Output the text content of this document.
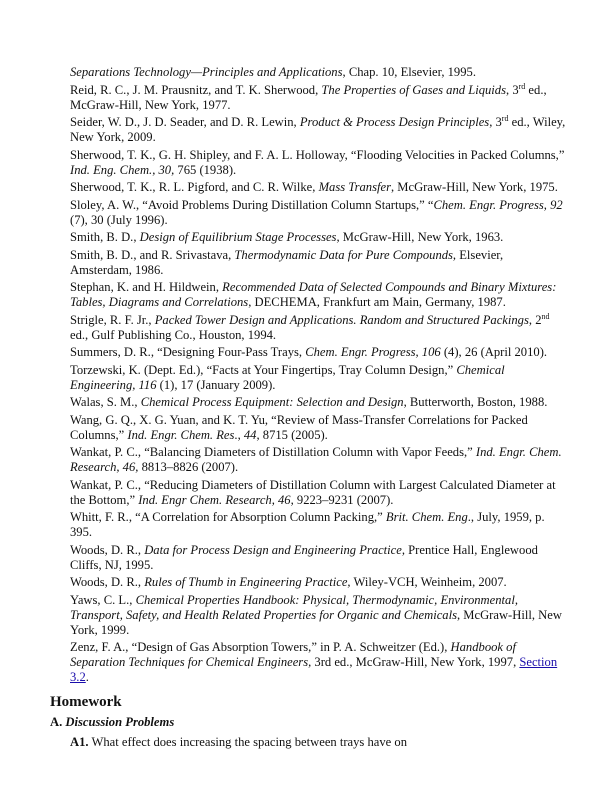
Separations Technology—Principles and Applications, Chap. 10, Elsevier, 1995.

Reid, R. C., J. M. Prausnitz, and T. K. Sherwood, The Properties of Gases and Liquids, 3rd ed., McGraw-Hill, New York, 1977.

Seider, W. D., J. D. Seader, and D. R. Lewin, Product & Process Design Principles, 3rd ed., Wiley, New York, 2009.

Sherwood, T. K., G. H. Shipley, and F. A. L. Holloway, “Flooding Velocities in Packed Columns,” Ind. Eng. Chem., 30, 765 (1938).

Sherwood, T. K., R. L. Pigford, and C. R. Wilke, Mass Transfer, McGraw-Hill, New York, 1975.

Sloley, A. W., “Avoid Problems During Distillation Column Startups,” “Chem. Engr. Progress, 92 (7), 30 (July 1996).

Smith, B. D., Design of Equilibrium Stage Processes, McGraw-Hill, New York, 1963.

Smith, B. D., and R. Srivastava, Thermodynamic Data for Pure Compounds, Elsevier, Amsterdam, 1986.

Stephan, K. and H. Hildwein, Recommended Data of Selected Compounds and Binary Mixtures: Tables, Diagrams and Correlations, DECHEMA, Frankfurt am Main, Germany, 1987.

Strigle, R. F. Jr., Packed Tower Design and Applications. Random and Structured Packings, 2nd ed., Gulf Publishing Co., Houston, 1994.

Summers, D. R., “Designing Four-Pass Trays, Chem. Engr. Progress, 106 (4), 26 (April 2010).

Torzewski, K. (Dept. Ed.), “Facts at Your Fingertips, Tray Column Design,” Chemical Engineering, 116 (1), 17 (January 2009).

Walas, S. M., Chemical Process Equipment: Selection and Design, Butterworth, Boston, 1988.

Wang, G. Q., X. G. Yuan, and K. T. Yu, “Review of Mass-Transfer Correlations for Packed Columns,” Ind. Engr. Chem. Res., 44, 8715 (2005).

Wankat, P. C., “Balancing Diameters of Distillation Column with Vapor Feeds,” Ind. Engr. Chem. Research, 46, 8813–8826 (2007).

Wankat, P. C., “Reducing Diameters of Distillation Column with Largest Calculated Diameter at the Bottom,” Ind. Engr Chem. Research, 46, 9223–9231 (2007).

Whitt, F. R., “A Correlation for Absorption Column Packing,” Brit. Chem. Eng., July, 1959, p. 395.

Woods, D. R., Data for Process Design and Engineering Practice, Prentice Hall, Englewood Cliffs, NJ, 1995.

Woods, D. R., Rules of Thumb in Engineering Practice, Wiley-VCH, Weinheim, 2007.

Yaws, C. L., Chemical Properties Handbook: Physical, Thermodynamic, Environmental, Transport, Safety, and Health Related Properties for Organic and Chemicals, McGraw-Hill, New York, 1999.

Zenz, F. A., “Design of Gas Absorption Towers,” in P. A. Schweitzer (Ed.), Handbook of Separation Techniques for Chemical Engineers, 3rd ed., McGraw-Hill, New York, 1997, Section 3.2.

Homework

A. Discussion Problems

A1. What effect does increasing the spacing between trays have on
